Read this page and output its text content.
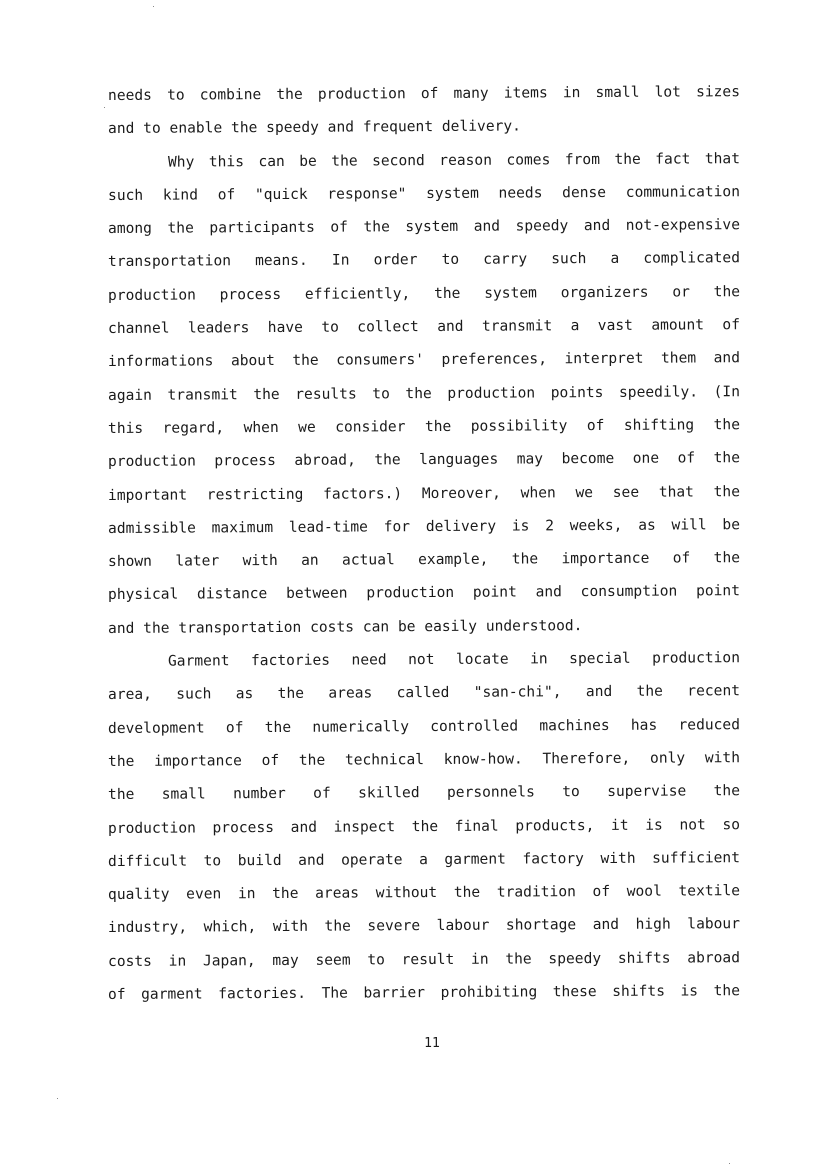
needs to combine the production of many items in small lot sizes
and to enable the speedy and frequent delivery.
Why this can be the second reason comes from the fact that
such kind of "quick response" system needs dense communication
among the participants of the system and speedy and not-expensive
transportation means. In order to carry such a complicated
production process efficiently, the system organizers or the
channel leaders have to collect and transmit a vast amount of
informations about the consumers' preferences, interpret them and
again transmit the results to the production points speedily. (In
this regard, when we consider the possibility of shifting the
production process abroad, the languages may become one of the
important restricting factors.) Moreover, when we see that the
admissible maximum lead-time for delivery is 2 weeks, as will be
shown later with an actual example, the importance of the
physical distance between production point and consumption point
and the transportation costs can be easily understood.
Garment factories need not locate in special production
area, such as the areas called "san-chi", and the recent
development of the numerically controlled machines has reduced
the importance of the technical know-how. Therefore, only with
the small number of skilled personnels to supervise the
production process and inspect the final products, it is not so
difficult to build and operate a garment factory with sufficient
quality even in the areas without the tradition of wool textile
industry, which, with the severe labour shortage and high labour
costs in Japan, may seem to result in the speedy shifts abroad
of garment factories. The barrier prohibiting these shifts is the
11
